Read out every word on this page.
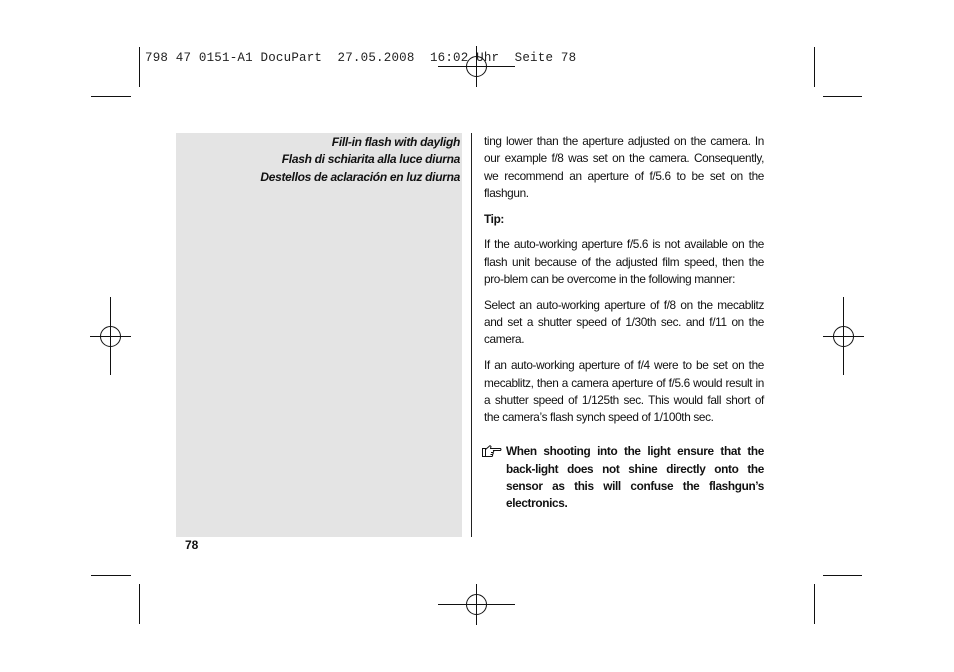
798 47 0151-A1 DocuPart  27.05.2008  16:02 Uhr  Seite 78
Fill-in flash with dayligh
Flash di schiarita alla luce diurna
Destellos de aclaración en luz diurna

ting lower than the aperture adjusted on the camera. In our example f/8 was set on the camera. Consequently, we recommend an aperture of f/5.6 to be set on the flashgun.

Tip:

If the auto-working aperture f/5.6 is not available on the flash unit because of the adjusted film speed, then the pro-blem can be overcome in the following manner:

Select an auto-working aperture of f/8 on the mecablitz and set a shutter speed of 1/30th sec. and f/11 on the camera.

If an auto-working aperture of f/4 were to be set on the mecablitz, then a camera aperture of f/5.6 would result in a shutter speed of 1/125th sec. This would fall short of the camera’s flash synch speed of 1/100th sec.

When shooting into the light ensure that the back-light does not shine directly onto the sensor as this will confuse the flashgun’s electronics.
78
